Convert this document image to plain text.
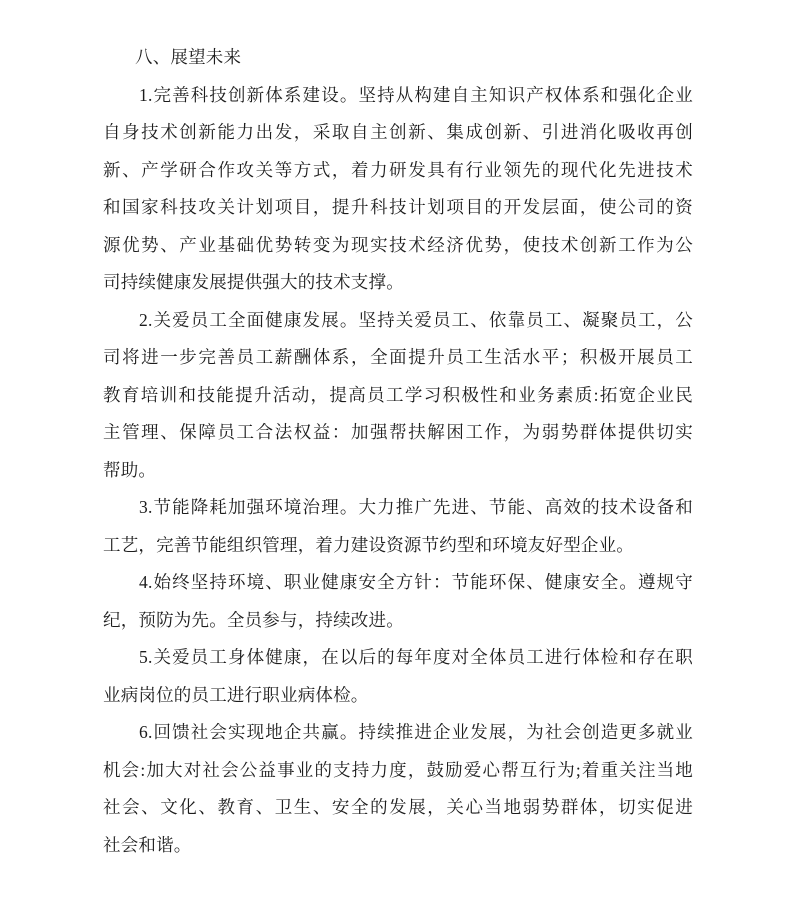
八、展望未来
1.完善科技创新体系建设。坚持从构建自主知识产权体系和强化企业
自身技术创新能力出发，采取自主创新、集成创新、引进消化吸收再创
新、产学研合作攻关等方式，着力研发具有行业领先的现代化先进技术
和国家科技攻关计划项目，提升科技计划项目的开发层面，使公司的资
源优势、产业基础优势转变为现实技术经济优势，使技术创新工作为公
司持续健康发展提供强大的技术支撑。
2.关爱员工全面健康发展。坚持关爱员工、依靠员工、凝聚员工，公
司将进一步完善员工薪酬体系，全面提升员工生活水平；积极开展员工
教育培训和技能提升活动，提高员工学习积极性和业务素质:拓宽企业民
主管理、保障员工合法权益：加强帮扶解困工作，为弱势群体提供切实
帮助。
3.节能降耗加强环境治理。大力推广先进、节能、高效的技术设备和
工艺，完善节能组织管理，着力建设资源节约型和环境友好型企业。
4.始终坚持环境、职业健康安全方针：节能环保、健康安全。遵规守
纪，预防为先。全员参与，持续改进。
5.关爱员工身体健康，在以后的每年度对全体员工进行体检和存在职
业病岗位的员工进行职业病体检。
6.回馈社会实现地企共赢。持续推进企业发展，为社会创造更多就业
机会:加大对社会公益事业的支持力度，鼓励爱心帮互行为;着重关注当地
社会、文化、教育、卫生、安全的发展，关心当地弱势群体，切实促进
社会和谐。
